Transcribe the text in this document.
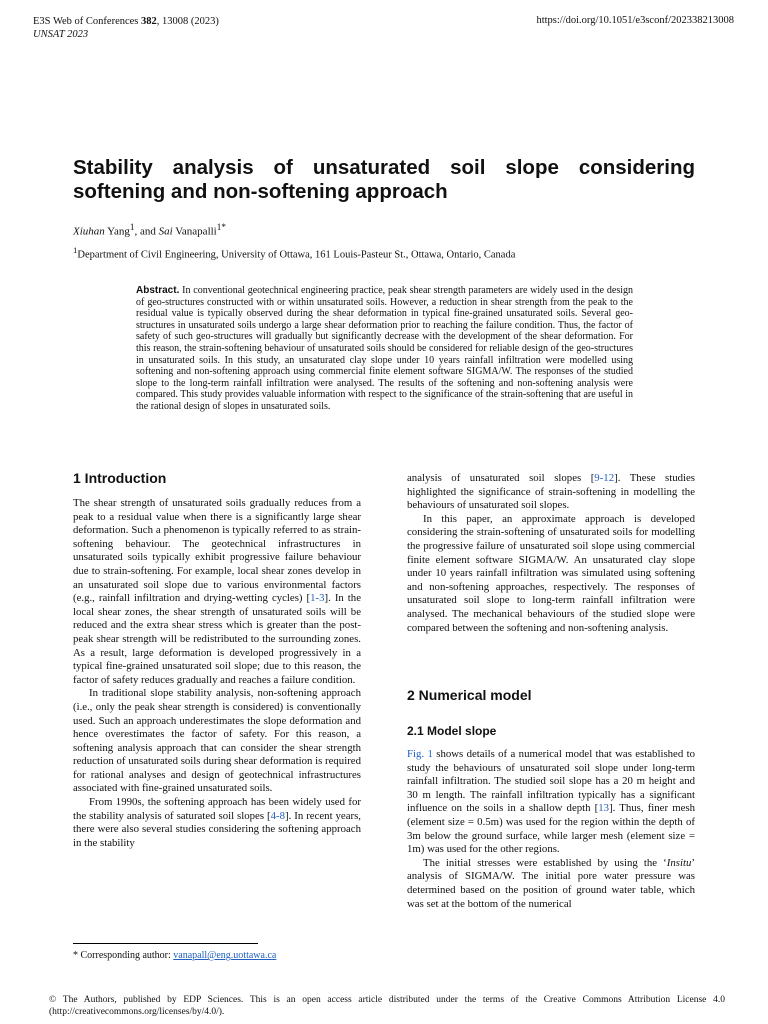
E3S Web of Conferences 382, 13008 (2023)
UNSAT 2023
https://doi.org/10.1051/e3sconf/202338213008
Stability analysis of unsaturated soil slope considering softening and non-softening approach
Xiuhan Yang$^1$, and Sai Vanapalli$^{1*}$
$^1$Department of Civil Engineering, University of Ottawa, 161 Louis-Pasteur St., Ottawa, Ontario, Canada
Abstract. In conventional geotechnical engineering practice, peak shear strength parameters are widely used in the design of geo-structures constructed with or within unsaturated soils. However, a reduction in shear strength from the peak to the residual value is typically observed during the shear deformation in typical fine-grained unsaturated soils. Several geo-structures in unsaturated soils undergo a large shear deformation prior to reaching the failure condition. Thus, the factor of safety of such geo-structures will gradually but significantly decrease with the development of the shear deformation. For this reason, the strain-softening behaviour of unsaturated soils should be considered for reliable design of the geo-structures in unsaturated soils. In this study, an unsaturated clay slope under 10 years rainfall infiltration were modelled using softening and non-softening approach using commercial finite element software SIGMA/W. The responses of the studied slope to the long-term rainfall infiltration were analysed. The results of the softening and non-softening analysis were compared. This study provides valuable information with respect to the significance of the strain-softening that are useful in the rational design of slopes in unsaturated soils.
1 Introduction

The shear strength of unsaturated soils gradually reduces from a peak to a residual value when there is a significantly large shear deformation. Such a phenomenon is typically referred to as strain-softening behaviour. The geotechnical infrastructures in unsaturated soils typically exhibit progressive failure behaviour due to strain-softening. For example, local shear zones develop in an unsaturated soil slope due to various environmental factors (e.g., rainfall infiltration and drying-wetting cycles) [1-3]. In the local shear zones, the shear strength of unsaturated soils will be reduced and the extra shear stress which is greater than the post-peak shear strength will be redistributed to the surrounding zones. As a result, large deformation is developed progressively in a typical fine-grained unsaturated soil slope; due to this reason, the factor of safety reduces gradually and reaches a failure condition.

In traditional slope stability analysis, non-softening approach (i.e., only the peak shear strength is considered) is conventionally used. Such an approach underestimates the slope deformation and hence overestimates the factor of safety. For this reason, a softening analysis approach that can consider the shear strength reduction of unsaturated soils during shear deformation is required for rational analyses and design of geotechnical infrastructures associated with fine-grained unsaturated soils.

From 1990s, the softening approach has been widely used for the stability analysis of saturated soil slopes [4-8]. In recent years, there were also several studies considering the softening approach in the stability

analysis of unsaturated soil slopes [9-12]. These studies highlighted the significance of strain-softening in modelling the behaviours of unsaturated soil slopes.

In this paper, an approximate approach is developed considering the strain-softening of unsaturated soils for modelling the progressive failure of unsaturated soil slope using commercial finite element software SIGMA/W. An unsaturated clay slope under 10 years rainfall infiltration was simulated using softening and non-softening approaches, respectively. The responses of unsaturated soil slope to long-term rainfall infiltration were analysed. The mechanical behaviours of the studied slope were compared between the softening and non-softening analysis.

2 Numerical model
2.1 Model slope

Fig. 1 shows details of a numerical model that was established to study the behaviours of unsaturated soil slope under long-term rainfall infiltration. The studied soil slope has a 20 m height and 30 m length. The rainfall infiltration typically has a significant influence on the soils in a shallow depth [13]. Thus, finer mesh (element size = 0.5m) was used for the region within the depth of 3m below the ground surface, while larger mesh (element size = 1m) was used for the other regions.

The initial stresses were established by using the ‘Insitu’ analysis of SIGMA/W. The initial pore water pressure was determined based on the position of ground water table, which was set at the bottom of the numerical

* Corresponding author: vanapall@eng.uottawa.ca
© The Authors, published by EDP Sciences. This is an open access article distributed under the terms of the Creative Commons Attribution License 4.0 (http://creativecommons.org/licenses/by/4.0/).
